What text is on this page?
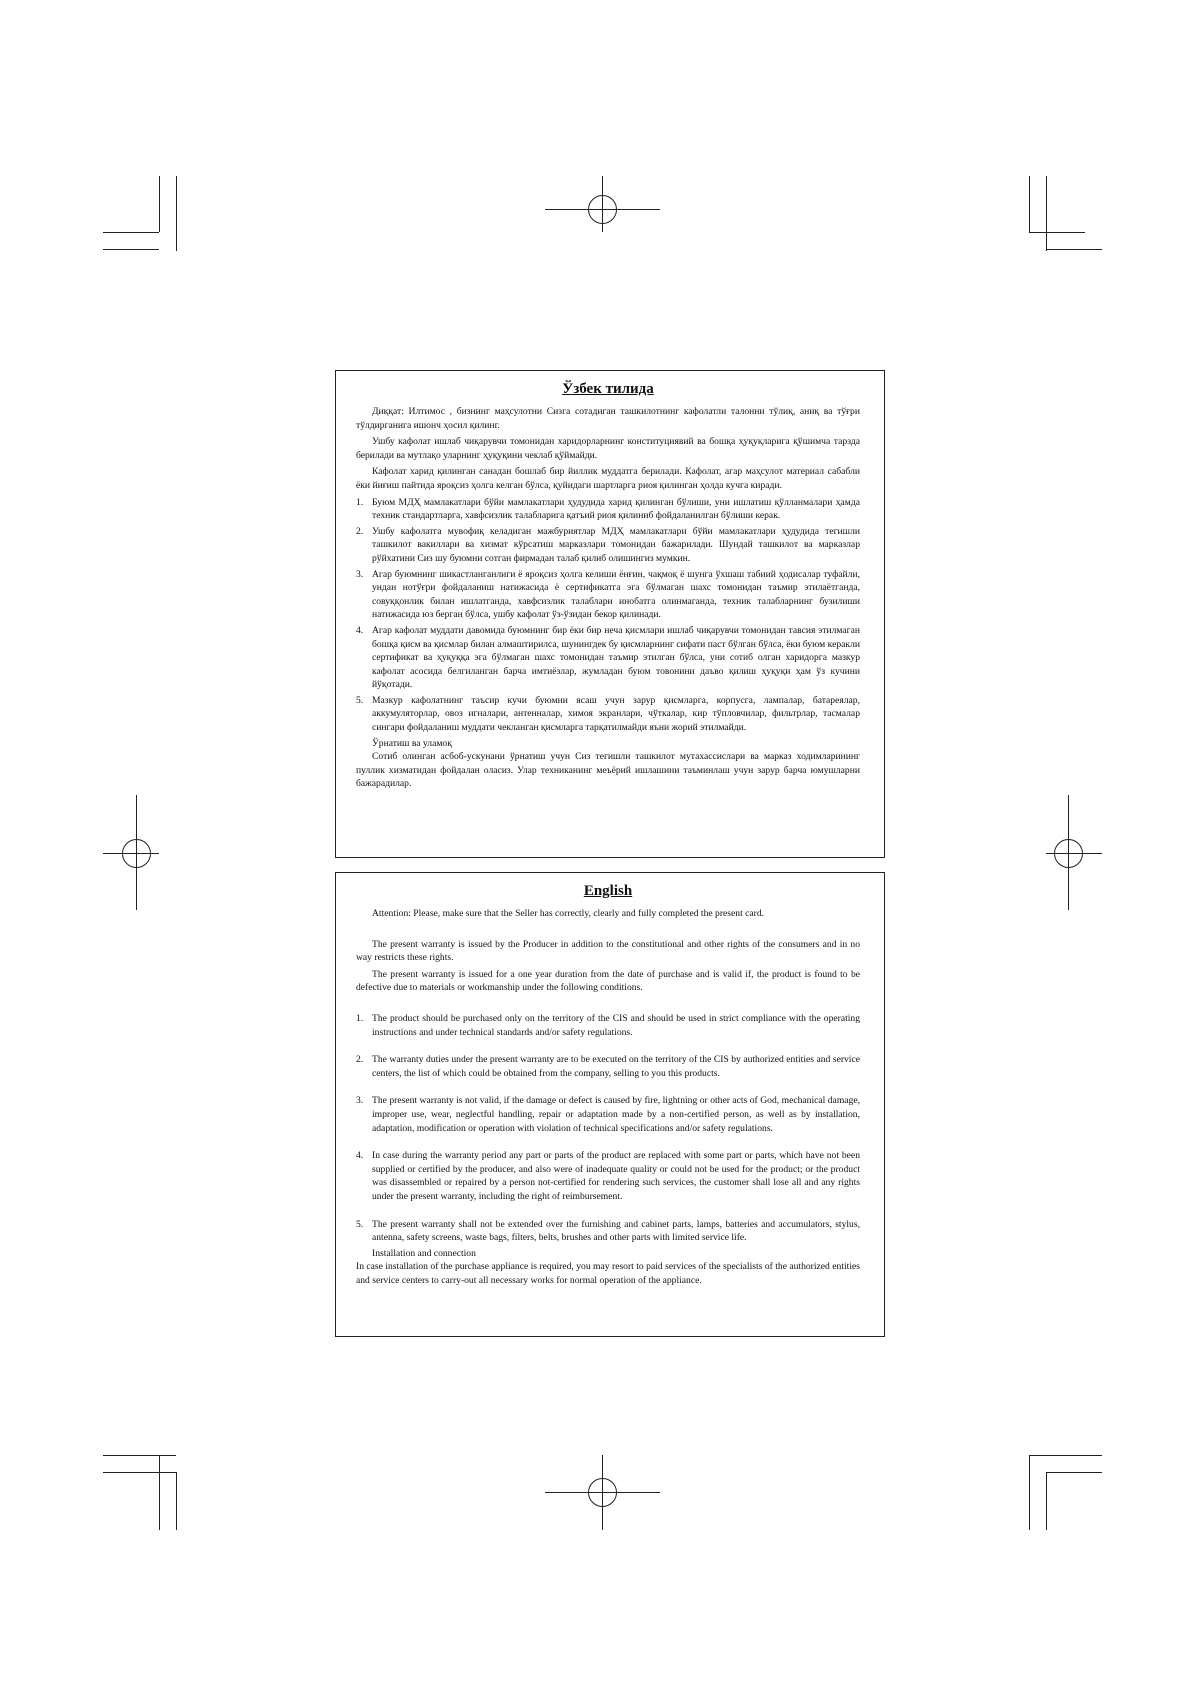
Ўзбек тилида

Диққат: Илтимос , бизнинг маҳсулотни Сизга сотадиган ташкилотнинг кафолатли талонни тўлиқ, аниқ ва тўғри тўлдирганига ишонч ҳосил қилинг.

Ушбу кафолат ишлаб чиқарувчи томонидан харидорларнинг конституциявий ва бошқа ҳуқуқларига қўшимча тарзда берилади ва мутлақо уларнинг ҳуқуқини чеклаб қўймайди.

Кафолат харид қилинган санадан бошлаб бир йиллик муддатга берилади. Кафолат, агар маҳсулот материал сабабли ёки йиғиш пайтида яроқсиз ҳолга келган бўлса, қуйидаги шартларга риоя қилинган ҳолда кучга киради.

1. Буюм МДҲ мамлакатлари бўйи мамлакатлари ҳудудида харид қилинган бўлиши, уни ишлатиш қўлланмалари ҳамда техник стандартларга, хавфсизлик талабларига қатъий риоя қилиниб фойдаланилган бўлиши керак.
2. Ушбу кафолатга мувофиқ келадиган мажбуриятлар МДҲ мамлакатлари бўйи мамлакатлари ҳудудида тегишли ташкилот вакиллари ва хизмат кўрсатиш марказлари томонидан бажарилади. Шундай ташкилот ва марказлар рўйхатини Сиз шу буюмни сотган фирмадан талаб қилиб олишингиз мумкин.
3. Агар буюмнинг шикастланганлиги ё яроқсиз ҳолга келиши ёнғин, чақмоқ ё шунга ўхшаш табиий ҳодисалар туфайли, ундан нотўғри фойдаланиш натижасида ё сертификатга эга бўлмаган шахс томонидан таъмир этилаётганда, совуққонлик билан ишлатганда, хавфсизлик талаблари инобатга олинмаганда, техник талабларнинг бузилиши натижасида юз берган бўлса, ушбу кафолат ўз-ўзидан бекор қилинади.
4. Агар кафолат муддати давомида буюмнинг бир ёки бир неча қисмлари ишлаб чиқарувчи томонидан тавсия этилмаган бошқа қисм ва қисмлар билан алмаштирилса, шунингдек бу қисмларнинг сифати паст бўлган бўлса, ёки буюм керакли сертификат ва ҳуқуққа эга бўлмаган шахс томонидан таъмир этилган бўлса, уни сотиб олган харидорга мазкур кафолат асосида белгиланган барча имтиёзлар, жумладан буюм товонини даъво қилиш ҳуқуқи ҳам ўз кучини йўқотади.
5. Мазкур кафолатнинг таъсир кучи буюмни ясаш учун зарур қисмларга, корпусга, лампалар, батареялар, аккумуляторлар, овоз игналари, антенналар, химоя экранлари, чўткалар, кир тўпловчилар, фильтрлар, тасмалар сингари фойдаланиш муддати чекланган қисмларга тарқатилмайди яъни жорий этилмайди.

Ўрнатиш ва уламоқ

Сотиб олинган асбоб-ускунани ўрнатиш учун Сиз тегишли ташкилот мутахассислари ва марказ ходимларининг пуллик хизматидан фойдалан оласиз. Улар техниканинг меъёрий ишлашини таъминлаш учун зарур барча юмушларни бажарадилар.

English

Attention: Please, make sure that the Seller has correctly, clearly and fully completed the present card.

The present warranty is issued by the Producer in addition to the constitutional and other rights of the consumers and in no way restricts these rights.

The present warranty is issued for a one year duration from the date of purchase and is valid if, the product is found to be defective due to materials or workmanship under the following conditions.

1. The product should be purchased only on the territory of the CIS and should be used in strict compliance with the operating instructions and under technical standards and/or safety regulations.
2. The warranty duties under the present warranty are to be executed on the territory of the CIS by authorized entities and service centers, the list of which could be obtained from the company, selling to you this products.
3. The present warranty is not valid, if the damage or defect is caused by fire, lightning or other acts of God, mechanical damage, improper use, wear, neglectful handling, repair or adaptation made by a non-certified person, as well as by installation, adaptation, modification or operation with violation of technical specifications and/or safety regulations.
4. In case during the warranty period any part or parts of the product are replaced with some part or parts, which have not been supplied or certified by the producer, and also were of inadequate quality or could not be used for the product; or the product was disassembled or repaired by a person not-certified for rendering such services, the customer shall lose all and any rights under the present warranty, including the right of reimbursement.
5. The present warranty shall not be extended over the furnishing and cabinet parts, lamps, batteries and accumulators, stylus, antenna, safety screens, waste bags, filters, belts, brushes and other parts with limited service life.

Installation and connection

In case installation of the purchase appliance is required, you may resort to paid services of the specialists of the authorized entities and service centers to carry-out all necessary works for normal operation of the appliance.
